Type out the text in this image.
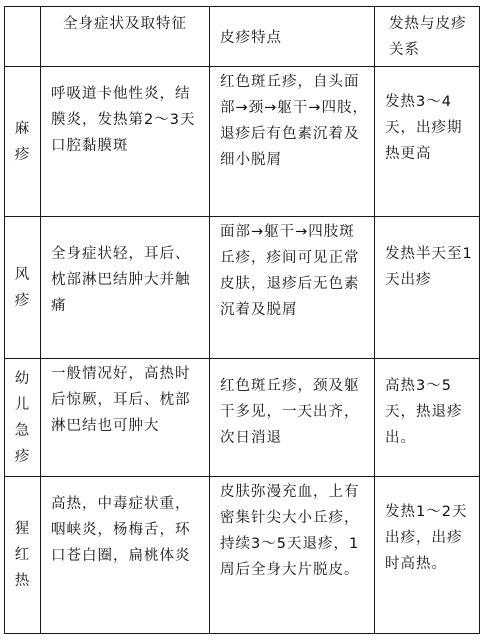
	全身症状及取特征	皮疹特点	发热与皮疹关系
麻疹	呼吸道卡他性炎，结膜炎，发热第2～3天口腔黏膜斑	红色斑丘疹，自头面部→颈→躯干→四肢，退疹后有色素沉着及细小脱屑	发热3～4天，出疹期热更高
风疹	全身症状轻，耳后、枕部淋巴结肿大并触痛	面部→躯干→四肢斑丘疹，疹间可见正常皮肤，退疹后无色素沉着及脱屑	发热半天至1天出疹
幼儿急疹	一般情况好，高热时后惊厥，耳后、枕部淋巴结也可肿大	红色斑丘疹，颈及躯干多见，一天出齐，次日消退	高热3～5天，热退疹出。
猩红热	高热，中毒症状重，咽峡炎，杨梅舌，环口苍白圈，扁桃体炎	皮肤弥漫充血，上有密集针尖大小丘疹，持续3～5天退疹，1周后全身大片脱皮。	发热1～2天出疹，出疹时高热。
